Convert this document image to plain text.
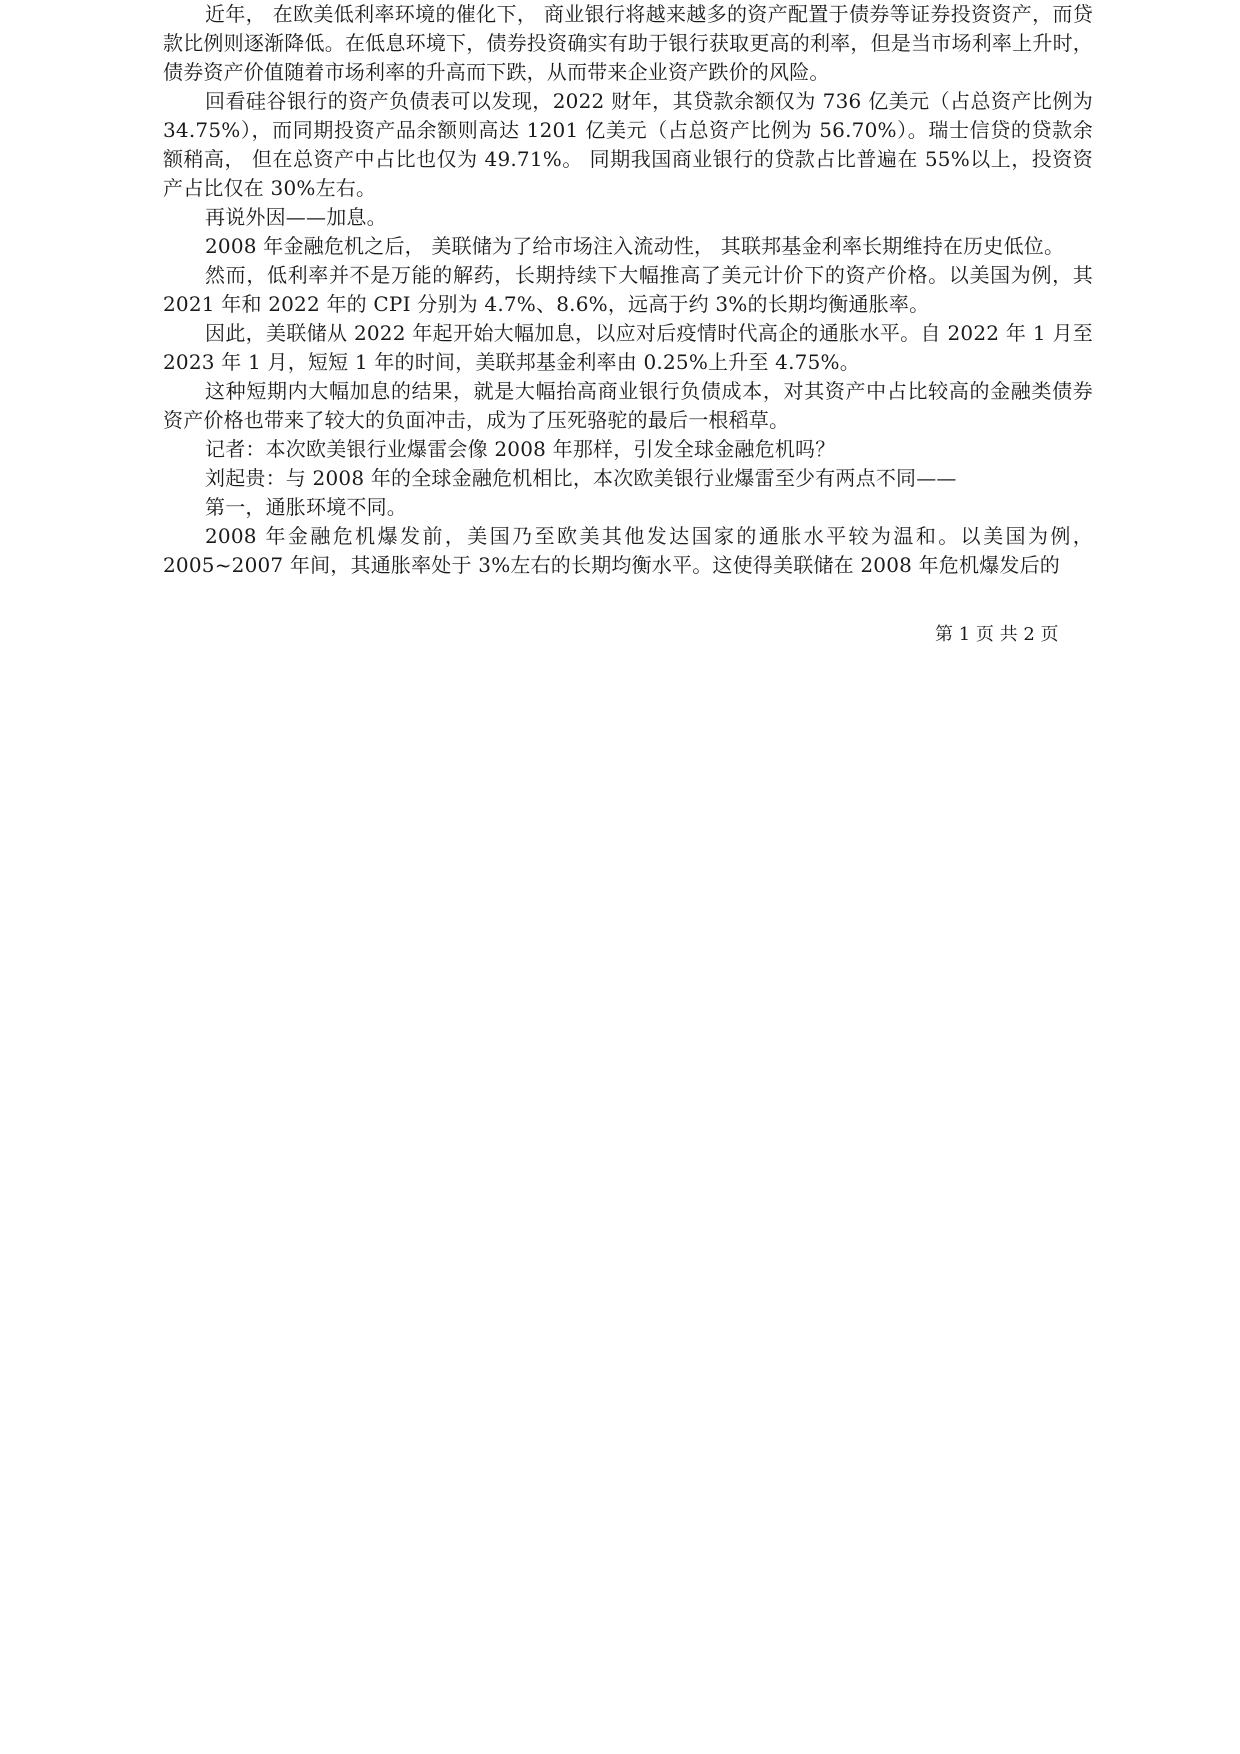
近年， 在欧美低利率环境的催化下， 商业银行将越来越多的资产配置于债券等证券投资资产，而贷款比例则逐渐降低。在低息环境下，债券投资确实有助于银行获取更高的利率，但是当市场利率上升时，债券资产价值随着市场利率的升高而下跌，从而带来企业资产跌价的风险。

回看硅谷银行的资产负债表可以发现，2022 财年，其贷款余额仅为 736 亿美元（占总资产比例为 34.75%），而同期投资产品余额则高达 1201 亿美元（占总资产比例为 56.70%）。瑞士信贷的贷款余额稍高， 但在总资产中占比也仅为 49.71%。 同期我国商业银行的贷款占比普遍在 55%以上，投资资产占比仅在 30%左右。

再说外因——加息。

2008 年金融危机之后， 美联储为了给市场注入流动性， 其联邦基金利率长期维持在历史低位。

然而，低利率并不是万能的解药，长期持续下大幅推高了美元计价下的资产价格。以美国为例，其 2021 年和 2022 年的 CPI 分别为 4.7%、8.6%，远高于约 3%的长期均衡通胀率。

因此，美联储从 2022 年起开始大幅加息，以应对后疫情时代高企的通胀水平。自 2022 年 1 月至 2023 年 1 月，短短 1 年的时间，美联邦基金利率由 0.25%上升至 4.75%。

这种短期内大幅加息的结果，就是大幅抬高商业银行负债成本，对其资产中占比较高的金融类债券资产价格也带来了较大的负面冲击，成为了压死骆驼的最后一根稻草。

记者：本次欧美银行业爆雷会像 2008 年那样，引发全球金融危机吗？

刘起贵：与 2008 年的全球金融危机相比，本次欧美银行业爆雷至少有两点不同——

第一，通胀环境不同。

2008 年金融危机爆发前，美国乃至欧美其他发达国家的通胀水平较为温和。以美国为例，2005~2007 年间，其通胀率处于 3%左右的长期均衡水平。这使得美联储在 2008 年危机爆发后的

第 1 页 共 2 页
